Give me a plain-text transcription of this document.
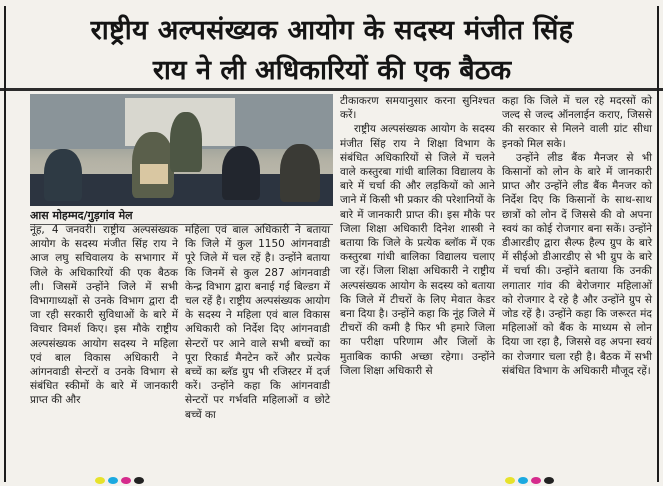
राष्ट्रीय अल्पसंख्यक आयोग के सदस्य मंजीत सिंह
राय ने ली अधिकारियों की एक बैठक
आस मोहम्मद/गुड़गांव मेल

नूंह, 4 जनवरी। राष्ट्रीय अल्पसंख्यक आयोग के सदस्य मंजीत सिंह राय ने आज लघु सचिवालय के सभागार में जिले के अधिकारियों की एक बैठक ली। जिसमें उन्होंने जिले में सभी विभागाध्यक्षों से उनके विभाग द्वारा दी जा रही सरकारी सुविधाओं के बारे में विचार विमर्श किए। इस मौके राष्ट्रीय अल्पसंख्यक आयोग सदस्य ने महिला एवं बाल विकास अधिकारी ने आंगनवाडी सेन्टरों व उनके विभाग से संबंधित स्कीमों के बारे में जानकारी प्राप्त की और

महिला एवं बाल अधिकारी ने बताया कि जिले में कुल 1150 आंगनवाडी पूरे जिले में चल रहें है। उन्होंने बताया कि जिनमें से कुल 287 आंगनवाडी केन्द्र विभाग द्वारा बनाई गई बिल्डग में चल रहें है। राष्ट्रीय अल्पसंख्यक आयोग के सदस्य ने महिला एवं बाल विकास अधिकारी को निर्देश दिए आंगनवाडी सेन्टरों पर आने वाले सभी बच्चों का पूरा रिकार्ड मैनटेन करें और प्रत्येक बच्चें का ब्लॅड ग्रुप भी रजिस्टर में दर्ज करें। उन्होंने कहा कि आंगनवाडी सेन्टरों पर गर्भवति महिलाओं व छोटे बच्चें का

टीकाकरण समयानुसार करना सुनिश्चत करें।

राष्ट्रीय अल्पसंख्यक आयोग के सदस्य मंजीत सिंह राय ने शिक्षा विभाग के संबंधित अधिकारियों से जिले में चलने वाले कस्तुरबा गांधी बालिका विद्यालय के बारे में चर्चा की और लड़कियों को आने जाने में किसी भी प्रकार की परेशानियों के बारे में जानकारी प्राप्त की। इस मौके पर जिला शिक्षा अधिकारी दिनेश शास्त्री ने बताया कि जिले के प्रत्येक ब्लॉक में एक कस्तुरबा गांधी बालिका विद्यालय चलाए जा रहें। जिला शिक्षा अधिकारी ने राष्ट्रीय अल्पसंख्यक आयोग के सदस्य को बताया कि जिले में टीचरों के लिए मेवात केडर बना दिया है। उन्होंने कहा कि नूंह जिले में टीचरों की कमी है फिर भी हमारे जिला का परीक्षा परिणाम और जिलों के मुताबिक काफी अच्छा रहेगा। उन्होंने जिला शिक्षा अधिकारी से

कहा कि जिले में चल रहे मदरसों को जल्द से जल्द ऑनलाईन कराए, जिससे की सरकार से मिलने वाली ग्रांट सीधा इनको मिल सके।

उन्होंने लीड बैंक मैनजर से भी किसानों को लोन के बारे में जानकारी प्राप्त और उन्होंने लीड बैंक मैनजर को निर्देश दिए कि किसानों के साथ-साथ छात्रों को लोन दें जिससे की वो अपना स्वयं का कोई रोजगार बना सकें। उन्होंने डीआरडीए द्वारा सैल्फ हैल्प ग्रुप के बारे में सीईओ डीआरडीए से भी ग्रुप के बारे में चर्चा की। उन्होंने बताया कि उनकी लगातार गांव की बेरोजगार महिलाओं को रोजगार दे रहे है और उन्होंने ग्रुप से जोड रहें है। उन्होंने कहा कि जरूरत मंद महिलाओं को बैंक के माध्यम से लोन दिया जा रहा है, जिससे वह अपना स्वयं का रोजगार चला रही है। बैठक में सभी संबंधित विभाग के अधिकारी मौजूद रहें।
